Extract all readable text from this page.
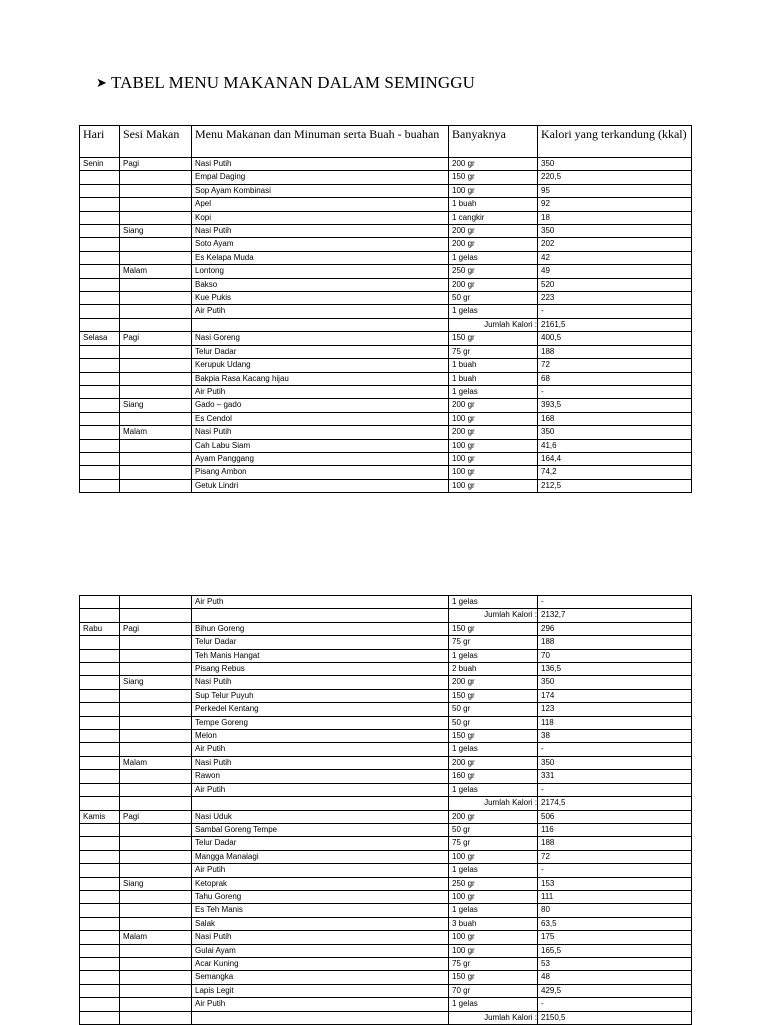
➤ TABEL MENU MAKANAN DALAM SEMINGGU
Hari	Sesi Makan	Menu Makanan dan Minuman serta Buah - buahan	Banyaknya	Kalori yang terkandung (kkal)
Senin	Pagi	Nasi Putih	200 gr	350
		Empal Daging	150 gr	220,5
		Sop Ayam Kombinasi	100 gr	95
		Apel	1 buah	92
		Kopi	1 cangkir	18
	Siang	Nasi Putih	200 gr	350
		Soto Ayam	200 gr	202
		Es Kelapa Muda	1 gelas	42
	Malam	Lontong	250 gr	49
		Bakso	200 gr	520
		Kue Pukis	50 gr	223
		Air Putih	1 gelas	-
			Jumlah Kalori :	2161,5
Selasa	Pagi	Nasi Goreng	150 gr	400,5
		Telur Dadar	75 gr	188
		Kerupuk Udang	1 buah	72
		Bakpia Rasa Kacang hijau	1 buah	68
		Air Putih	1 gelas	-
	Siang	Gado – gado	200 gr	393,5
		Es Cendol	100 gr	168
	Malam	Nasi Putih	200 gr	350
		Cah Labu Siam	100 gr	41,6
		Ayam Panggang	100 gr	164,4
		Pisang Ambon	100 gr	74,2
		Getuk Lindri	100 gr	212,5
		Air Puth	1 gelas	-
			Jumlah Kalori :	2132,7
Rabu	Pagi	Bihun Goreng	150 gr	296
		Telur Dadar	75 gr	188
		Teh Manis Hangat	1 gelas	70
		Pisang Rebus	2 buah	136,5
	Siang	Nasi Putih	200 gr	350
		Sup Telur Puyuh	150 gr	174
		Perkedel Kentang	50 gr	123
		Tempe Goreng	50 gr	118
		Melon	150 gr	38
		Air Putih	1 gelas	-
	Malam	Nasi Putih	200 gr	350
		Rawon	160 gr	331
		Air Putih	1 gelas	-
			Jumlah Kalori :	2174,5
Kamis	Pagi	Nasi Uduk	200 gr	506
		Sambal Goreng Tempe	50 gr	116
		Telur Dadar	75 gr	188
		Mangga Manalagi	100 gr	72
		Air Putih	1 gelas	-
	Siang	Ketoprak	250 gr	153
		Tahu Goreng	100 gr	111
		Es Teh Manis	1 gelas	80
		Salak	3 buah	63,5
	Malam	Nasi Putih	100 gr	175
		Gulai Ayam	100 gr	165,5
		Acar Kuning	75 gr	53
		Semangka	150 gr	48
		Lapis Legit	70 gr	429,5
		Air Putih	1 gelas	-
			Jumlah Kalori :	2150,5
